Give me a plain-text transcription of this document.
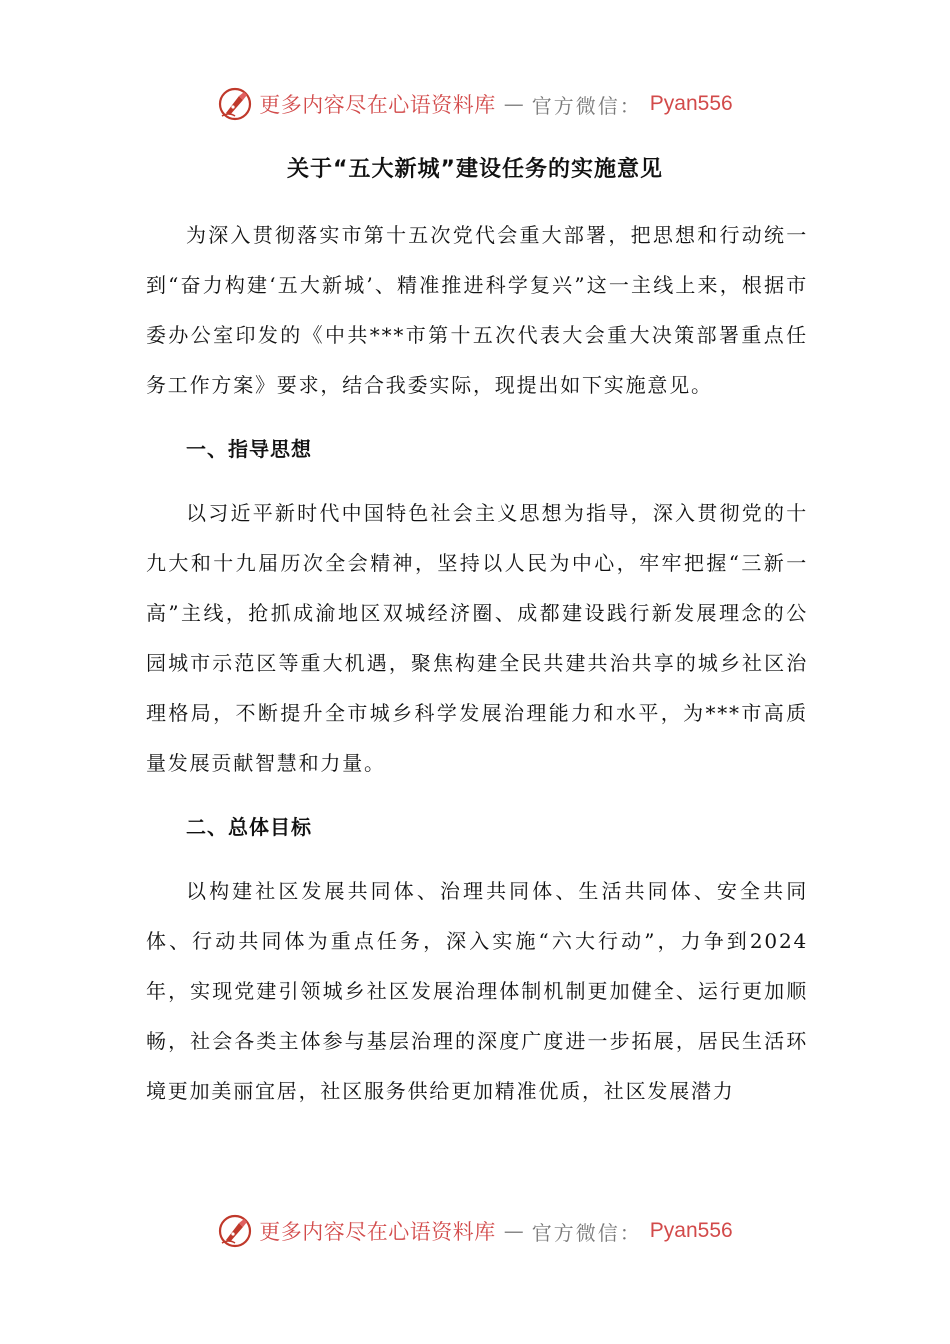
更多内容尽在心语资料库 — 官方微信： Pyan556
关于“五大新城”建设任务的实施意见

为深入贯彻落实市第十五次党代会重大部署，把思想和行动统一到“奋力构建‘五大新城’、精准推进科学复兴”这一主线上来，根据市委办公室印发的《中共***市第十五次代表大会重大决策部署重点任务工作方案》要求，结合我委实际，现提出如下实施意见。

一、指导思想

以习近平新时代中国特色社会主义思想为指导，深入贯彻党的十九大和十九届历次全会精神，坚持以人民为中心，牢牢把握“三新一高”主线，抢抓成渝地区双城经济圈、成都建设践行新发展理念的公园城市示范区等重大机遇，聚焦构建全民共建共治共享的城乡社区治理格局，不断提升全市城乡科学发展治理能力和水平，为***市高质量发展贡献智慧和力量。

二、总体目标

以构建社区发展共同体、治理共同体、生活共同体、安全共同体、行动共同体为重点任务，深入实施“六大行动”，力争到2024年，实现党建引领城乡社区发展治理体制机制更加健全、运行更加顺畅，社会各类主体参与基层治理的深度广度进一步拓展，居民生活环境更加美丽宜居，社区服务供给更加精准优质，社区发展潜力

更多内容尽在心语资料库 — 官方微信： Pyan556
